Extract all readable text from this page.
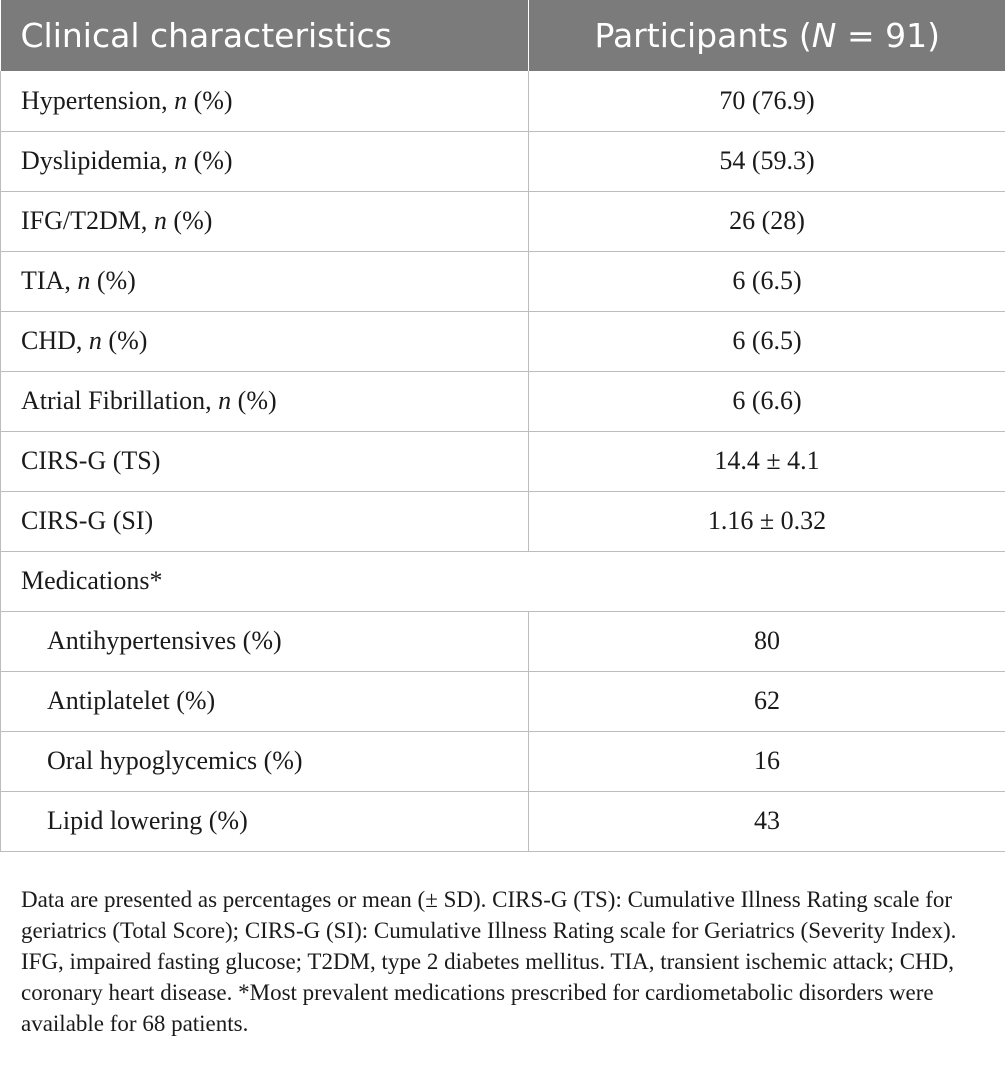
Clinical characteristics	Participants (N = 91)
Hypertension, n (%)	70 (76.9)
Dyslipidemia, n (%)	54 (59.3)
IFG/T2DM, n (%)	26 (28)
TIA, n (%)	6 (6.5)
CHD, n (%)	6 (6.5)
Atrial Fibrillation, n (%)	6 (6.6)
CIRS-G (TS)	14.4 ± 4.1
CIRS-G (SI)	1.16 ± 0.32
Medications*	
Antihypertensives (%)	80
Antiplatelet (%)	62
Oral hypoglycemics (%)	16
Lipid lowering (%)	43
Data are presented as percentages or mean (± SD). CIRS-G (TS): Cumulative Illness Rating scale for geriatrics (Total Score); CIRS-G (SI): Cumulative Illness Rating scale for Geriatrics (Severity Index). IFG, impaired fasting glucose; T2DM, type 2 diabetes mellitus. TIA, transient ischemic attack; CHD, coronary heart disease. *Most prevalent medications prescribed for cardiometabolic disorders were available for 68 patients.
